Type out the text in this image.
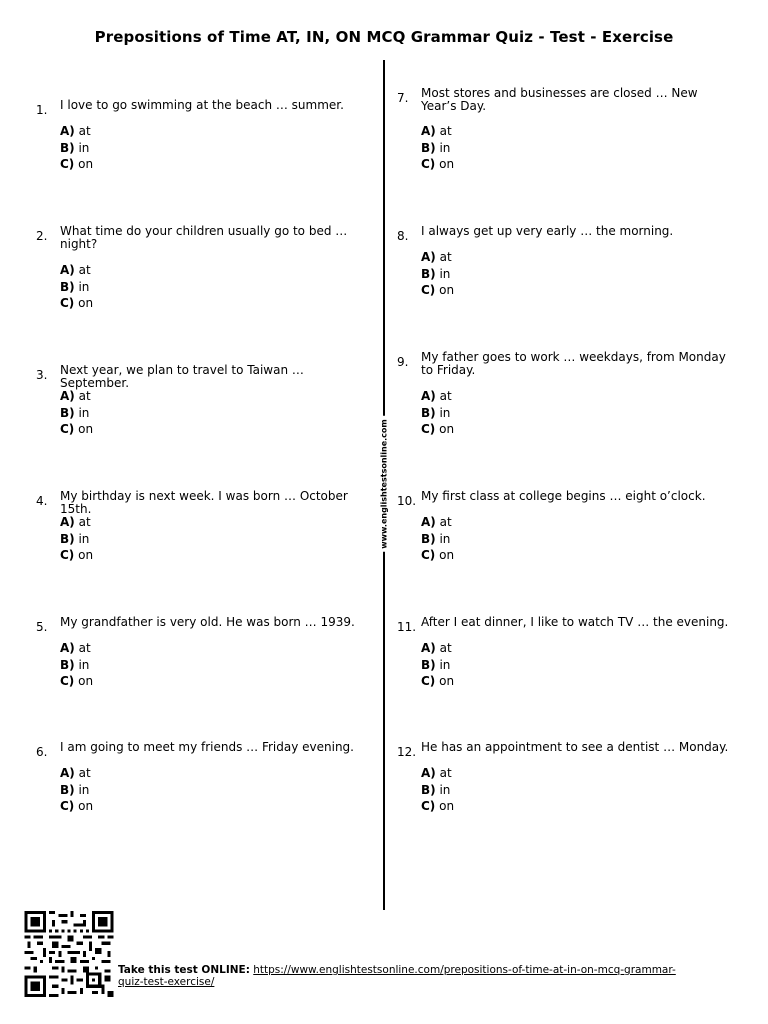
Prepositions of Time AT, IN, ON MCQ Grammar Quiz - Test - Exercise
www.englishtestsonline.com
1. I love to go swimming at the beach … summer.
A) at
B) in
C) on
2. What time do your children usually go to bed … night?
A) at
B) in
C) on
3. Next year, we plan to travel to Taiwan … September.
A) at
B) in
C) on
4. My birthday is next week. I was born … October 15th.
A) at
B) in
C) on
5. My grandfather is very old. He was born … 1939.
A) at
B) in
C) on
6. I am going to meet my friends … Friday evening.
A) at
B) in
C) on
7. Most stores and businesses are closed … New Year’s Day.
A) at
B) in
C) on
8. I always get up very early … the morning.
A) at
B) in
C) on
9. My father goes to work … weekdays, from Monday to Friday.
A) at
B) in
C) on
10. My first class at college begins … eight o’clock.
A) at
B) in
C) on
11. After I eat dinner, I like to watch TV … the evening.
A) at
B) in
C) on
12. He has an appointment to see a dentist … Monday.
A) at
B) in
C) on
Take this test ONLINE: https://www.englishtestsonline.com/prepositions-of-time-at-in-on-mcq-grammar-quiz-test-exercise/
